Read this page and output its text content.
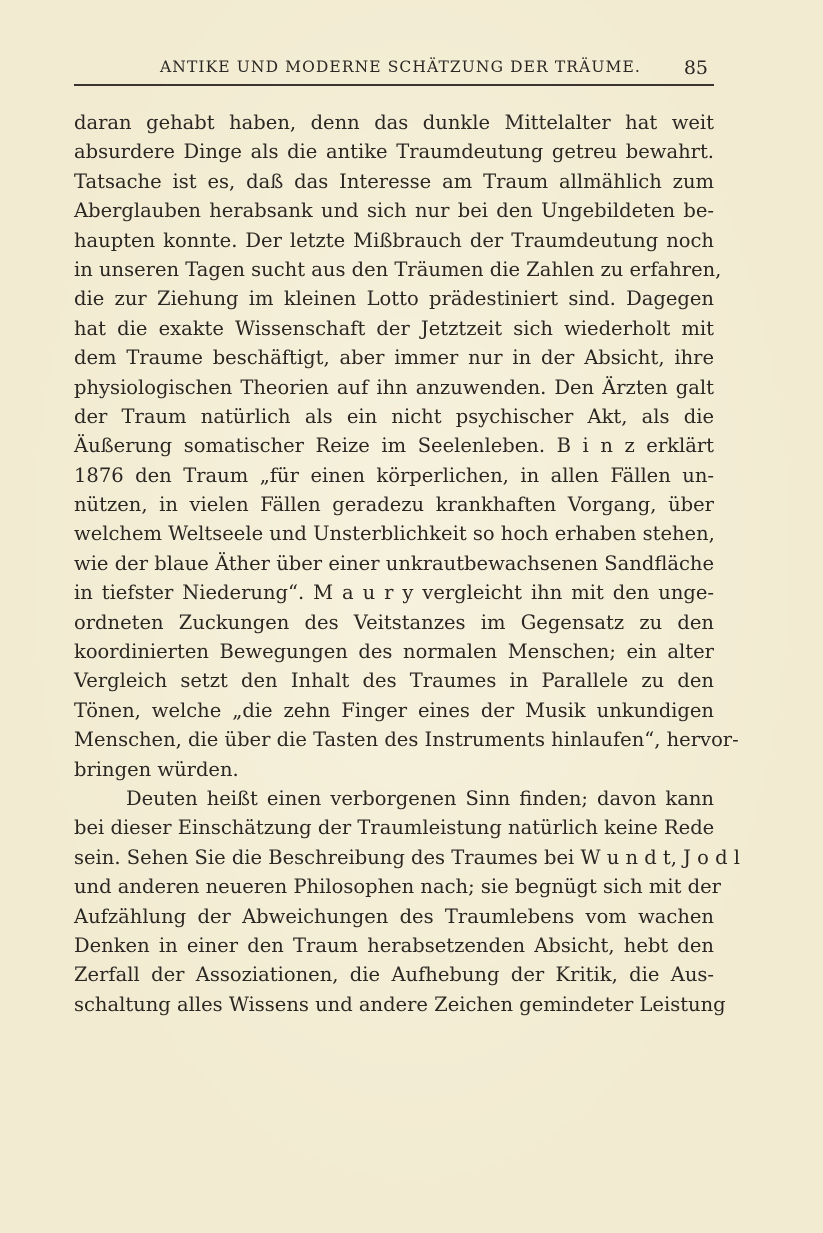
ANTIKE UND MODERNE SCHÄTZUNG DER TRÄUME. 85
daran gehabt haben, denn das dunkle Mittelalter hat weit
absurdere Dinge als die antike Traumdeutung getreu bewahrt.
Tatsache ist es, daß das Interesse am Traum allmählich zum
Aberglauben herabsank und sich nur bei den Ungebildeten be-
haupten konnte. Der letzte Mißbrauch der Traumdeutung noch
in unseren Tagen sucht aus den Träumen die Zahlen zu erfahren,
die zur Ziehung im kleinen Lotto prädestiniert sind. Dagegen
hat die exakte Wissenschaft der Jetztzeit sich wiederholt mit
dem Traume beschäftigt, aber immer nur in der Absicht, ihre
physiologischen Theorien auf ihn anzuwenden. Den Ärzten galt
der Traum natürlich als ein nicht psychischer Akt, als die
Äußerung somatischer Reize im Seelenleben. B i n z erklärt
1876 den Traum „für einen körperlichen, in allen Fällen un-
nützen, in vielen Fällen geradezu krankhaften Vorgang, über
welchem Weltseele und Unsterblichkeit so hoch erhaben stehen,
wie der blaue Äther über einer unkrautbewachsenen Sandfläche
in tiefster Niederung“. M a u r y vergleicht ihn mit den unge-
ordneten Zuckungen des Veitstanzes im Gegensatz zu den
koordinierten Bewegungen des normalen Menschen; ein alter
Vergleich setzt den Inhalt des Traumes in Parallele zu den
Tönen, welche „die zehn Finger eines der Musik unkundigen
Menschen, die über die Tasten des Instruments hinlaufen“, hervor-
bringen würden.
Deuten heißt einen verborgenen Sinn finden; davon kann
bei dieser Einschätzung der Traumleistung natürlich keine Rede
sein. Sehen Sie die Beschreibung des Traumes bei W u n d t, J o d l
und anderen neueren Philosophen nach; sie begnügt sich mit der
Aufzählung der Abweichungen des Traumlebens vom wachen
Denken in einer den Traum herabsetzenden Absicht, hebt den
Zerfall der Assoziationen, die Aufhebung der Kritik, die Aus-
schaltung alles Wissens und andere Zeichen gemindeter Leistung
